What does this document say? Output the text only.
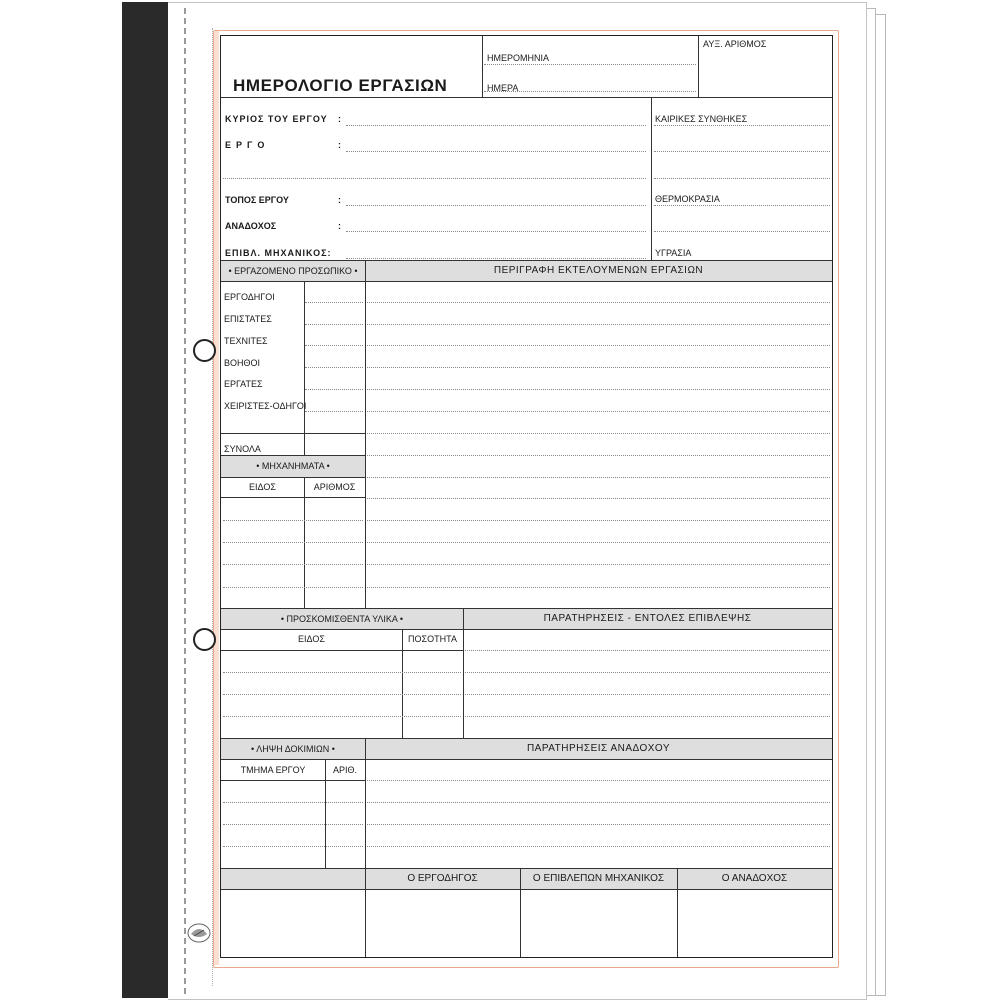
ΗΜΕΡΟΛΟΓΙΟ ΕΡΓΑΣΙΩΝ
ΗΜΕΡΟΜΗΝΙΑ
ΗΜΕΡΑ
ΑΥΞ. ΑΡΙΘΜΟΣ
ΚΥΡΙΟΣ ΤΟΥ ΕΡΓΟΥ :
ΕΡΓΟ	:
ΤΟΠΟΣ ΕΡΓΟΥ	:
ΑΝΑΔΟΧΟΣ	:
ΕΠΙΒΛ. ΜΗΧΑΝΙΚΟΣ:
ΚΑΙΡΙΚΕΣ ΣΥΝΘΗΚΕΣ
ΘΕΡΜΟΚΡΑΣΙΑ
ΥΓΡΑΣΙΑ
• ΕΡΓΑΖΟΜΕΝΟ ΠΡΟΣΩΠΙΚΟ •	ΠΕΡΙΓΡΑΦΗ ΕΚΤΕΛΟΥΜΕΝΩΝ ΕΡΓΑΣΙΩΝ
ΕΡΓΟΔΗΓΟΙ
ΕΠΙΣΤΑΤΕΣ
ΤΕΧΝΙΤΕΣ
ΒΟΗΘΟΙ
ΕΡΓΑΤΕΣ
ΧΕΙΡΙΣΤΕΣ-ΟΔΗΓΟΙ
ΣΥΝΟΛΑ
• ΜΗΧΑΝΗΜΑΤΑ •
ΕΙΔΟΣ	ΑΡΙΘΜΟΣ
• ΠΡΟΣΚΟΜΙΣΘΕΝΤΑ ΥΛΙΚΑ •	ΠΑΡΑΤΗΡΗΣΕΙΣ - ΕΝΤΟΛΕΣ ΕΠΙΒΛΕΨΗΣ
ΕΙΔΟΣ	ΠΟΣΟΤΗΤΑ
• ΛΗΨΗ ΔΟΚΙΜΙΩΝ •	ΠΑΡΑΤΗΡΗΣΕΙΣ ΑΝΑΔΟΧΟΥ
ΤΜΗΜΑ ΕΡΓΟΥ	ΑΡΙΘ.
Ο ΕΡΓΟΔΗΓΟΣ	Ο ΕΠΙΒΛΕΠΩΝ ΜΗΧΑΝΙΚΟΣ	Ο ΑΝΑΔΟΧΟΣ
